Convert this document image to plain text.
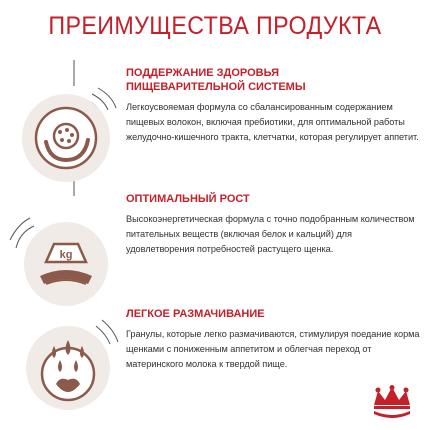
ПРЕИМУЩЕСТВА ПРОДУКТА
kg
ПОДДЕРЖАНИЕ ЗДОРОВЬЯ ПИЩЕВАРИТЕЛЬНОЙ СИСТЕМЫ
Легкоусвояемая формула со сбалансированным содержанием пищевых волокон, включая пребиотики, для оптимальной работы желудочно-кишечного тракта, клетчатки, которая регулирует аппетит.
ОПТИМАЛЬНЫЙ РОСТ
Высокоэнергетическая формула с точно подобранным количеством питательных веществ (включая белок и кальций) для удовлетворения потребностей растущего щенка.
ЛЕГКОЕ РАЗМАЧИВАНИЕ
Гранулы, которые легко размачиваются, стимулируя поедание корма щенками с пониженным аппетитом и облегчая переход от материнского молока к твердой пище.
